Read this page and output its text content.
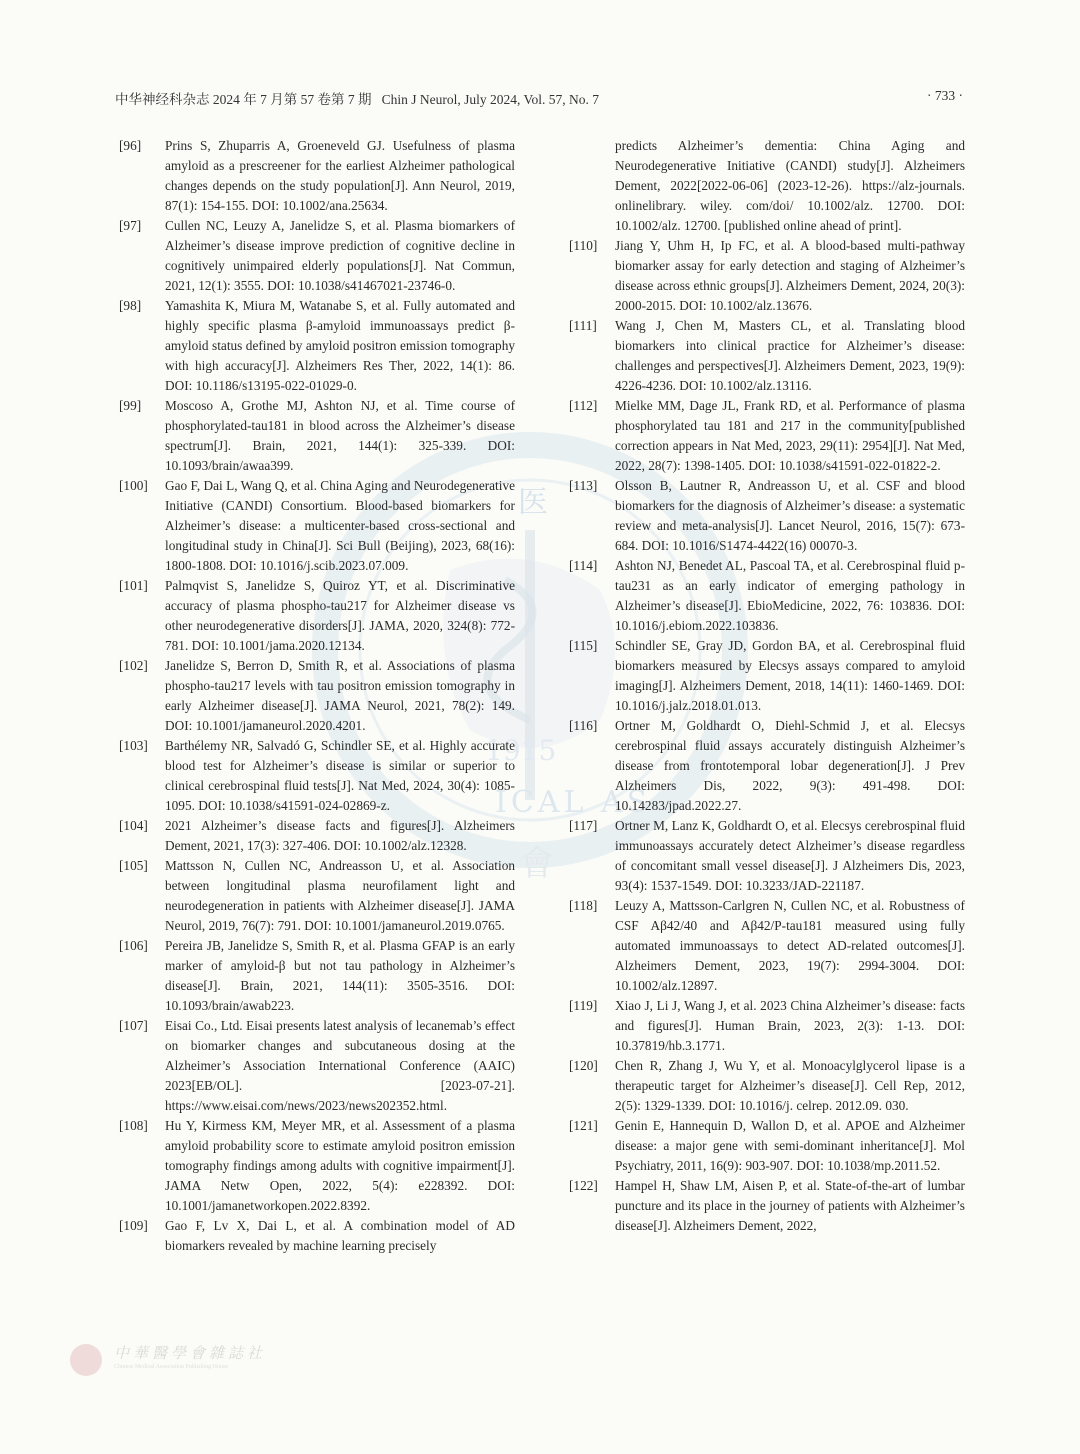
医
1915
ICAL AS
會
中华神经科杂志 2024 年 7 月第 57 卷第 7 期 Chin J Neurol, July 2024, Vol. 57, No. 7	· 733 ·
[96] Prins S, Zhuparris A, Groeneveld GJ. Usefulness of plasma amyloid as a prescreener for the earliest Alzheimer pathological changes depends on the study population[J]. Ann Neurol, 2019, 87(1): 154-155. DOI: 10.1002/ana.25634.
[97] Cullen NC, Leuzy A, Janelidze S, et al. Plasma biomarkers of Alzheimer’s disease improve prediction of cognitive decline in cognitively unimpaired elderly populations[J]. Nat Commun, 2021, 12(1): 3555. DOI: 10.1038/s41467021-23746-0.
[98] Yamashita K, Miura M, Watanabe S, et al. Fully automated and highly specific plasma β-amyloid immunoassays predict β-amyloid status defined by amyloid positron emission tomography with high accuracy[J]. Alzheimers Res Ther, 2022, 14(1): 86. DOI: 10.1186/s13195-022-01029-0.
[99] Moscoso A, Grothe MJ, Ashton NJ, et al. Time course of phosphorylated-tau181 in blood across the Alzheimer’s disease spectrum[J]. Brain, 2021, 144(1): 325-339. DOI: 10.1093/brain/awaa399.
[100] Gao F, Dai L, Wang Q, et al. China Aging and Neurodegenerative Initiative (CANDI) Consortium. Blood-based biomarkers for Alzheimer’s disease: a multicenter-based cross-sectional and longitudinal study in China[J]. Sci Bull (Beijing), 2023, 68(16): 1800-1808. DOI: 10.1016/j.scib.2023.07.009.
[101] Palmqvist S, Janelidze S, Quiroz YT, et al. Discriminative accuracy of plasma phospho-tau217 for Alzheimer disease vs other neurodegenerative disorders[J]. JAMA, 2020, 324(8): 772-781. DOI: 10.1001/jama.2020.12134.
[102] Janelidze S, Berron D, Smith R, et al. Associations of plasma phospho-tau217 levels with tau positron emission tomography in early Alzheimer disease[J]. JAMA Neurol, 2021, 78(2): 149. DOI: 10.1001/jamaneurol.2020.4201.
[103] Barthélemy NR, Salvadó G, Schindler SE, et al. Highly accurate blood test for Alzheimer’s disease is similar or superior to clinical cerebrospinal fluid tests[J]. Nat Med, 2024, 30(4): 1085-1095. DOI: 10.1038/s41591-024-02869-z.
[104] 2021 Alzheimer’s disease facts and figures[J]. Alzheimers Dement, 2021, 17(3): 327-406. DOI: 10.1002/alz.12328.
[105] Mattsson N, Cullen NC, Andreasson U, et al. Association between longitudinal plasma neurofilament light and neurodegeneration in patients with Alzheimer disease[J]. JAMA Neurol, 2019, 76(7): 791. DOI: 10.1001/jamaneurol.2019.0765.
[106] Pereira JB, Janelidze S, Smith R, et al. Plasma GFAP is an early marker of amyloid-β but not tau pathology in Alzheimer’s disease[J]. Brain, 2021, 144(11): 3505-3516. DOI: 10.1093/brain/awab223.
[107] Eisai Co., Ltd. Eisai presents latest analysis of lecanemab’s effect on biomarker changes and subcutaneous dosing at the Alzheimer’s Association International Conference (AAIC) 2023[EB/OL]. [2023-07-21]. https://www.eisai.com/news/2023/news202352.html.
[108] Hu Y, Kirmess KM, Meyer MR, et al. Assessment of a plasma amyloid probability score to estimate amyloid positron emission tomography findings among adults with cognitive impairment[J]. JAMA Netw Open, 2022, 5(4): e228392. DOI: 10.1001/jamanetworkopen.2022.8392.
[109] Gao F, Lv X, Dai L, et al. A combination model of AD biomarkers revealed by machine learning precisely
predicts Alzheimer’s dementia: China Aging and Neurodegenerative Initiative (CANDI) study[J]. Alzheimers Dement, 2022[2022-06-06] (2023-12-26). https://alz-journals. onlinelibrary. wiley. com/doi/ 10.1002/alz. 12700. DOI: 10.1002/alz. 12700. [published online ahead of print].
[110] Jiang Y, Uhm H, Ip FC, et al. A blood-based multi-pathway biomarker assay for early detection and staging of Alzheimer’s disease across ethnic groups[J]. Alzheimers Dement, 2024, 20(3): 2000-2015. DOI: 10.1002/alz.13676.
[111] Wang J, Chen M, Masters CL, et al. Translating blood biomarkers into clinical practice for Alzheimer’s disease: challenges and perspectives[J]. Alzheimers Dement, 2023, 19(9): 4226-4236. DOI: 10.1002/alz.13116.
[112] Mielke MM, Dage JL, Frank RD, et al. Performance of plasma phosphorylated tau 181 and 217 in the community[published correction appears in Nat Med, 2023, 29(11): 2954][J]. Nat Med, 2022, 28(7): 1398-1405. DOI: 10.1038/s41591-022-01822-2.
[113] Olsson B, Lautner R, Andreasson U, et al. CSF and blood biomarkers for the diagnosis of Alzheimer’s disease: a systematic review and meta-analysis[J]. Lancet Neurol, 2016, 15(7): 673-684. DOI: 10.1016/S1474-4422(16) 00070-3.
[114] Ashton NJ, Benedet AL, Pascoal TA, et al. Cerebrospinal fluid p-tau231 as an early indicator of emerging pathology in Alzheimer’s disease[J]. EbioMedicine, 2022, 76: 103836. DOI: 10.1016/j.ebiom.2022.103836.
[115] Schindler SE, Gray JD, Gordon BA, et al. Cerebrospinal fluid biomarkers measured by Elecsys assays compared to amyloid imaging[J]. Alzheimers Dement, 2018, 14(11): 1460-1469. DOI: 10.1016/j.jalz.2018.01.013.
[116] Ortner M, Goldhardt O, Diehl-Schmid J, et al. Elecsys cerebrospinal fluid assays accurately distinguish Alzheimer’s disease from frontotemporal lobar degeneration[J]. J Prev Alzheimers Dis, 2022, 9(3): 491-498. DOI: 10.14283/jpad.2022.27.
[117] Ortner M, Lanz K, Goldhardt O, et al. Elecsys cerebrospinal fluid immunoassays accurately detect Alzheimer’s disease regardless of concomitant small vessel disease[J]. J Alzheimers Dis, 2023, 93(4): 1537-1549. DOI: 10.3233/JAD-221187.
[118] Leuzy A, Mattsson-Carlgren N, Cullen NC, et al. Robustness of CSF Aβ42/40 and Aβ42/P-tau181 measured using fully automated immunoassays to detect AD-related outcomes[J]. Alzheimers Dement, 2023, 19(7): 2994-3004. DOI: 10.1002/alz.12897.
[119] Xiao J, Li J, Wang J, et al. 2023 China Alzheimer’s disease: facts and figures[J]. Human Brain, 2023, 2(3): 1-13. DOI: 10.37819/hb.3.1771.
[120] Chen R, Zhang J, Wu Y, et al. Monoacylglycerol lipase is a therapeutic target for Alzheimer’s disease[J]. Cell Rep, 2012, 2(5): 1329-1339. DOI: 10.1016/j. celrep. 2012.09. 030.
[121] Genin E, Hannequin D, Wallon D, et al. APOE and Alzheimer disease: a major gene with semi-dominant inheritance[J]. Mol Psychiatry, 2011, 16(9): 903-907. DOI: 10.1038/mp.2011.52.
[122] Hampel H, Shaw LM, Aisen P, et al. State-of-the-art of lumbar puncture and its place in the journey of patients with Alzheimer’s disease[J]. Alzheimers Dement, 2022,
中華醫學會雜誌社
Chinese Medical Association Publishing House
